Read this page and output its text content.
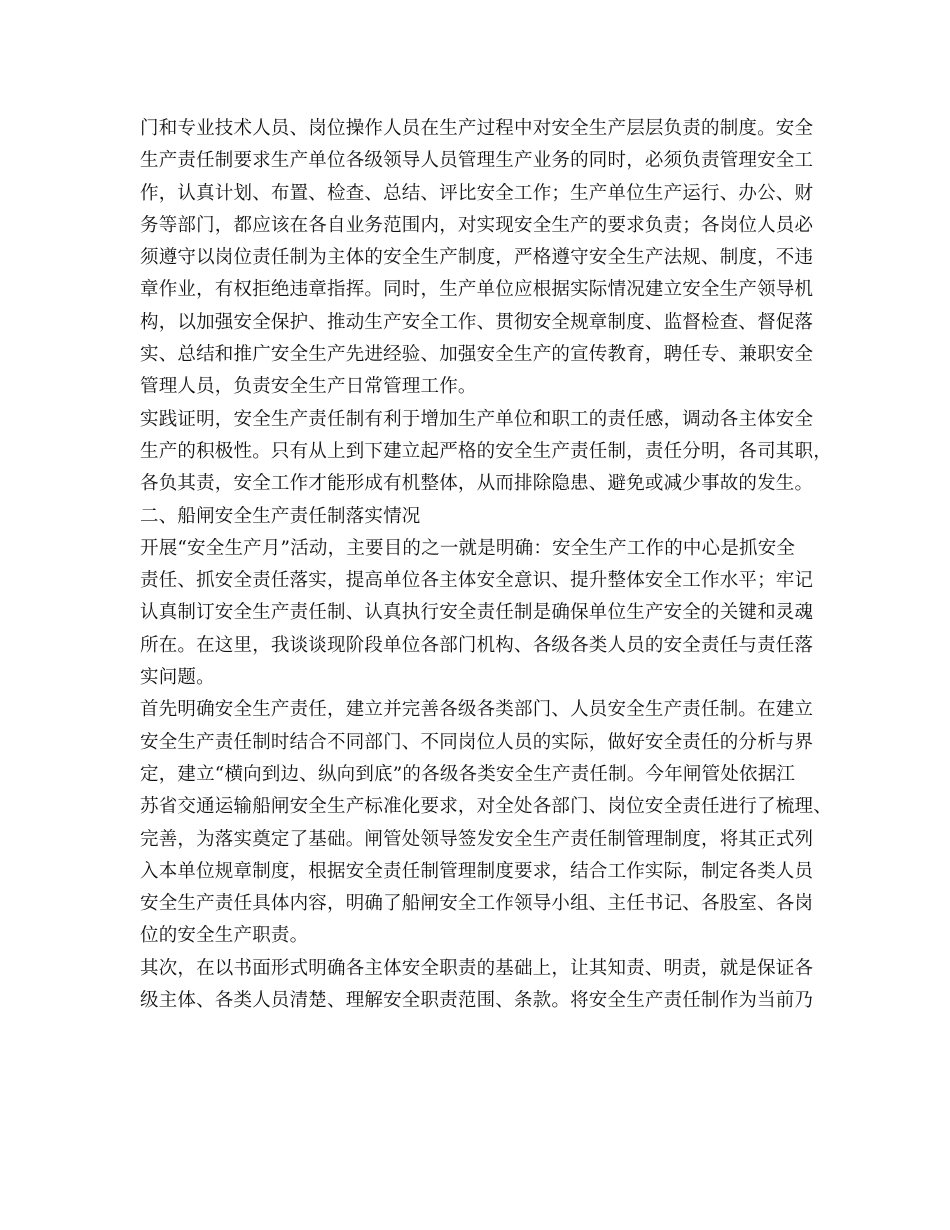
门和专业技术人员、岗位操作人员在生产过程中对安全生产层层负责的制度。安全
生产责任制要求生产单位各级领导人员管理生产业务的同时，必须负责管理安全工
作，认真计划、布置、检查、总结、评比安全工作；生产单位生产运行、办公、财
务等部门，都应该在各自业务范围内，对实现安全生产的要求负责；各岗位人员必
须遵守以岗位责任制为主体的安全生产制度，严格遵守安全生产法规、制度，不违
章作业，有权拒绝违章指挥。同时，生产单位应根据实际情况建立安全生产领导机
构，以加强安全保护、推动生产安全工作、贯彻安全规章制度、监督检查、督促落
实、总结和推广安全生产先进经验、加强安全生产的宣传教育，聘任专、兼职安全
管理人员，负责安全生产日常管理工作。
实践证明，安全生产责任制有利于增加生产单位和职工的责任感，调动各主体安全
生产的积极性。只有从上到下建立起严格的安全生产责任制，责任分明，各司其职，
各负其责，安全工作才能形成有机整体，从而排除隐患、避免或减少事故的发生。
二、船闸安全生产责任制落实情况
开展“安全生产月”活动，主要目的之一就是明确：安全生产工作的中心是抓安全
责任、抓安全责任落实，提高单位各主体安全意识、提升整体安全工作水平；牢记
认真制订安全生产责任制、认真执行安全责任制是确保单位生产安全的关键和灵魂
所在。在这里，我谈谈现阶段单位各部门机构、各级各类人员的安全责任与责任落
实问题。
首先明确安全生产责任，建立并完善各级各类部门、人员安全生产责任制。在建立
安全生产责任制时结合不同部门、不同岗位人员的实际，做好安全责任的分析与界
定，建立“横向到边、纵向到底”的各级各类安全生产责任制。今年闸管处依据江
苏省交通运输船闸安全生产标准化要求，对全处各部门、岗位安全责任进行了梳理、
完善，为落实奠定了基础。闸管处领导签发安全生产责任制管理制度，将其正式列
入本单位规章制度，根据安全责任制管理制度要求，结合工作实际，制定各类人员
安全生产责任具体内容，明确了船闸安全工作领导小组、主任书记、各股室、各岗
位的安全生产职责。
其次，在以书面形式明确各主体安全职责的基础上，让其知责、明责，就是保证各
级主体、各类人员清楚、理解安全职责范围、条款。将安全生产责任制作为当前乃
